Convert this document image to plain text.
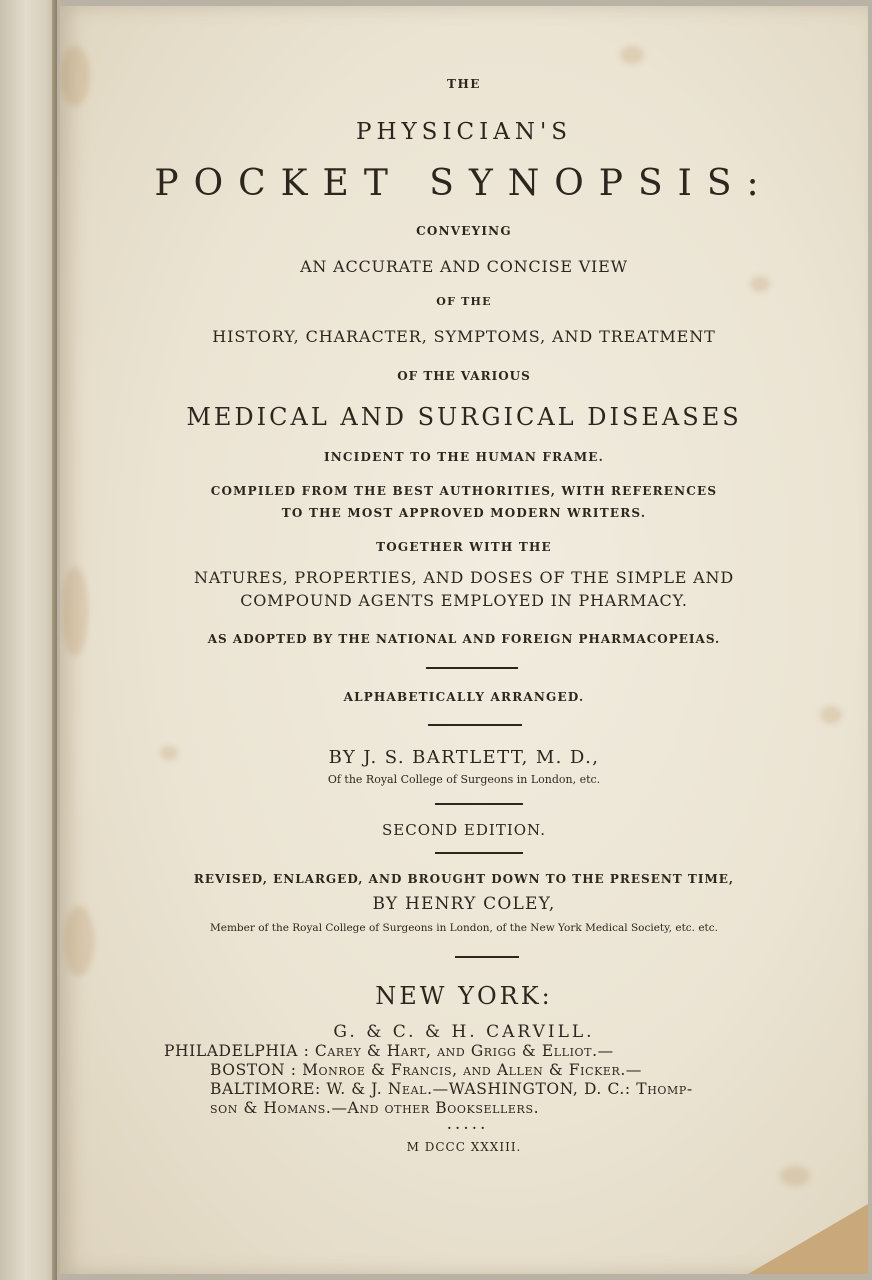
THE
PHYSICIAN'S
POCKET SYNOPSIS:
CONVEYING
AN ACCURATE AND CONCISE VIEW
OF THE
HISTORY, CHARACTER, SYMPTOMS, AND TREATMENT
OF THE VARIOUS
MEDICAL AND SURGICAL DISEASES
INCIDENT TO THE HUMAN FRAME.
COMPILED FROM THE BEST AUTHORITIES, WITH REFERENCES
TO THE MOST APPROVED MODERN WRITERS.
TOGETHER WITH THE
NATURES, PROPERTIES, AND DOSES OF THE SIMPLE AND
COMPOUND AGENTS EMPLOYED IN PHARMACY.
AS ADOPTED BY THE NATIONAL AND FOREIGN PHARMACOPEIAS.
ALPHABETICALLY ARRANGED.
BY J. S. BARTLETT, M. D.,
Of the Royal College of Surgeons in London, etc.
SECOND EDITION.
REVISED, ENLARGED, AND BROUGHT DOWN TO THE PRESENT TIME,
BY HENRY COLEY,
Member of the Royal College of Surgeons in London, of the New York Medical Society, etc. etc.
NEW YORK:
G. & C. & H. CARVILL.
PHILADELPHIA : Carey & Hart, and Grigg & Elliot.—
BOSTON : Monroe & Francis, and Allen & Ficker.—
BALTIMORE: W. & J. Neal.—WASHINGTON, D. C.: Thomp-
son & Homans.—And other Booksellers.
. . . . .
M DCCC XXXIII.
